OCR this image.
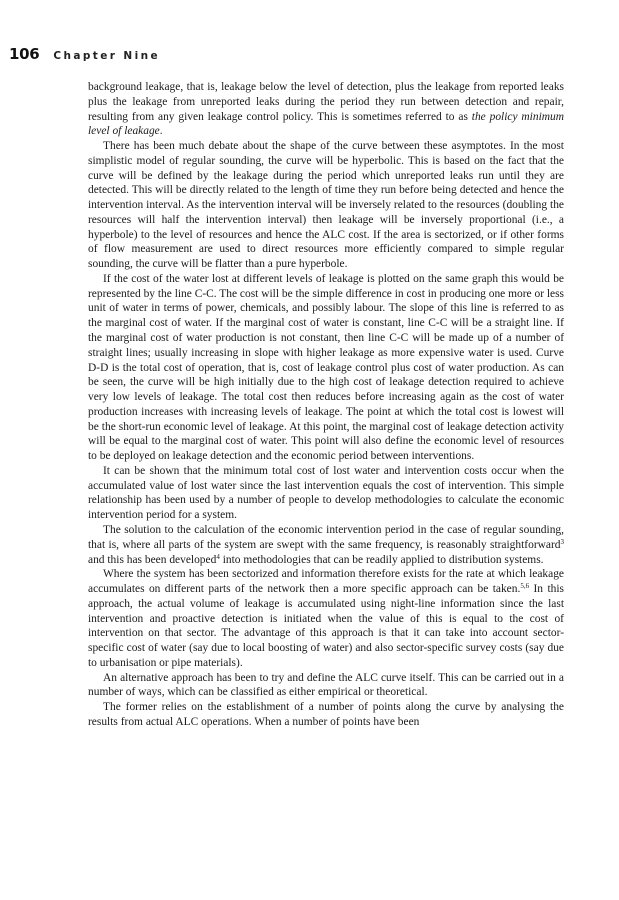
106 Chapter Nine

background leakage, that is, leakage below the level of detection, plus the leakage from reported leaks plus the leakage from unreported leaks during the period they run between detection and repair, resulting from any given leakage control policy. This is sometimes referred to as the policy minimum level of leakage.

There has been much debate about the shape of the curve between these asymptotes. In the most simplistic model of regular sounding, the curve will be hyperbolic. This is based on the fact that the curve will be defined by the leakage during the period which unreported leaks run until they are detected. This will be directly related to the length of time they run before being detected and hence the intervention interval. As the intervention interval will be inversely related to the resources (doubling the resources will half the intervention interval) then leakage will be inversely proportional (i.e., a hyperbole) to the level of resources and hence the ALC cost. If the area is sectorized, or if other forms of flow measurement are used to direct resources more efficiently compared to simple regular sounding, the curve will be flatter than a pure hyperbole.

If the cost of the water lost at different levels of leakage is plotted on the same graph this would be represented by the line C-C. The cost will be the simple difference in cost in producing one more or less unit of water in terms of power, chemicals, and possibly labour. The slope of this line is referred to as the marginal cost of water. If the marginal cost of water is constant, line C-C will be a straight line. If the marginal cost of water production is not constant, then line C-C will be made up of a number of straight lines; usually increasing in slope with higher leakage as more expensive water is used. Curve D-D is the total cost of operation, that is, cost of leakage control plus cost of water production. As can be seen, the curve will be high initially due to the high cost of leakage detection required to achieve very low levels of leakage. The total cost then reduces before increasing again as the cost of water production increases with increasing levels of leakage. The point at which the total cost is lowest will be the short-run economic level of leakage. At this point, the marginal cost of leakage detection activity will be equal to the marginal cost of water. This point will also define the economic level of resources to be deployed on leakage detection and the economic period between interventions.

It can be shown that the minimum total cost of lost water and intervention costs occur when the accumulated value of lost water since the last intervention equals the cost of intervention. This simple relationship has been used by a number of people to develop methodologies to calculate the economic intervention period for a system.

The solution to the calculation of the economic intervention period in the case of regular sounding, that is, where all parts of the system are swept with the same frequency, is reasonably straightforward$^3$ and this has been developed$^4$ into methodologies that can be readily applied to distribution systems.

Where the system has been sectorized and information therefore exists for the rate at which leakage accumulates on different parts of the network then a more specific approach can be taken.$^{5,6}$ In this approach, the actual volume of leakage is accumulated using night-line information since the last intervention and proactive detection is initiated when the value of this is equal to the cost of intervention on that sector. The advantage of this approach is that it can take into account sector-specific cost of water (say due to local boosting of water) and also sector-specific survey costs (say due to urbanisation or pipe materials).

An alternative approach has been to try and define the ALC curve itself. This can be carried out in a number of ways, which can be classified as either empirical or theoretical.

The former relies on the establishment of a number of points along the curve by analysing the results from actual ALC operations. When a number of points have been
